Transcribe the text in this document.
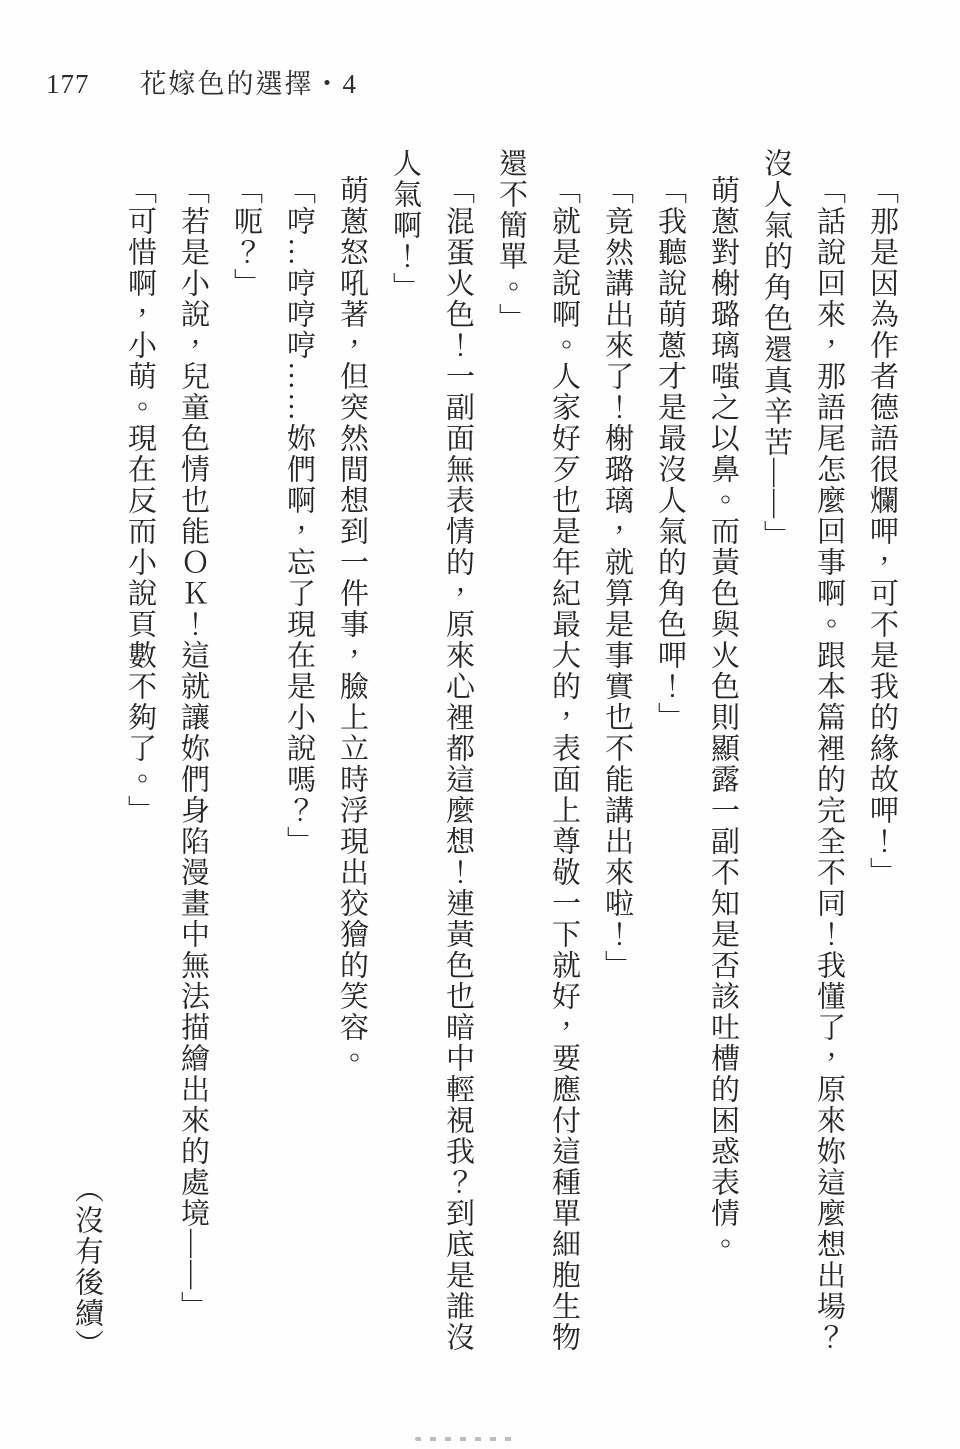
177 花嫁色的選擇・4
「那是因為作者德語很爛呷，可不是我的緣故呷！」
「話說回來，那語尾怎麼回事啊。跟本篇裡的完全不同！我懂了，原來妳這麼想出場？
沒人氣的角色還真辛苦——」
萌蔥對榭璐璃嗤之以鼻。而黃色與火色則顯露一副不知是否該吐槽的困惑表情。
「我聽說萌蔥才是最沒人氣的角色呷！」
「竟然講出來了！榭璐璃，就算是事實也不能講出來啦！」
「就是說啊。人家好歹也是年紀最大的，表面上尊敬一下就好，要應付這種單細胞生物
還不簡單。」
「混蛋火色！一副面無表情的，原來心裡都這麼想！連黃色也暗中輕視我？到底是誰沒
人氣啊！」
萌蔥怒吼著，但突然間想到一件事，臉上立時浮現出狡獪的笑容。
「哼…哼哼哼……妳們啊，忘了現在是小說嗎？」
「呃？」
「若是小說，兒童色情也能ＯＫ！這就讓妳們身陷漫畫中無法描繪出來的處境——」
「可惜啊，小萌。現在反而小說頁數不夠了。」
（沒有後續）
